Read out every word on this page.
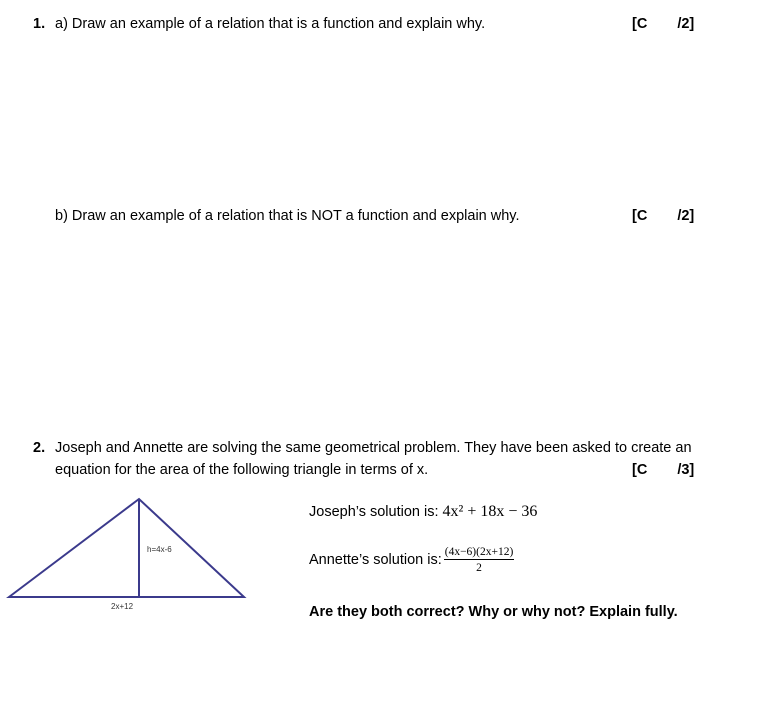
1. a) Draw an example of a relation that is a function and explain why.	[C /2]
b) Draw an example of a relation that is NOT a function and explain why.	[C /2]
2. Joseph and Annette are solving the same geometrical problem. They have been asked to create an
equation for the area of the following triangle in terms of x.	[C /3]
h=4x-6
2x+12
Joseph’s solution is: 4x² + 18x − 36
Annette’s solution is: $\frac{(4x-6)(2x+12)}{2}$
Are they both correct? Why or why not? Explain fully.
